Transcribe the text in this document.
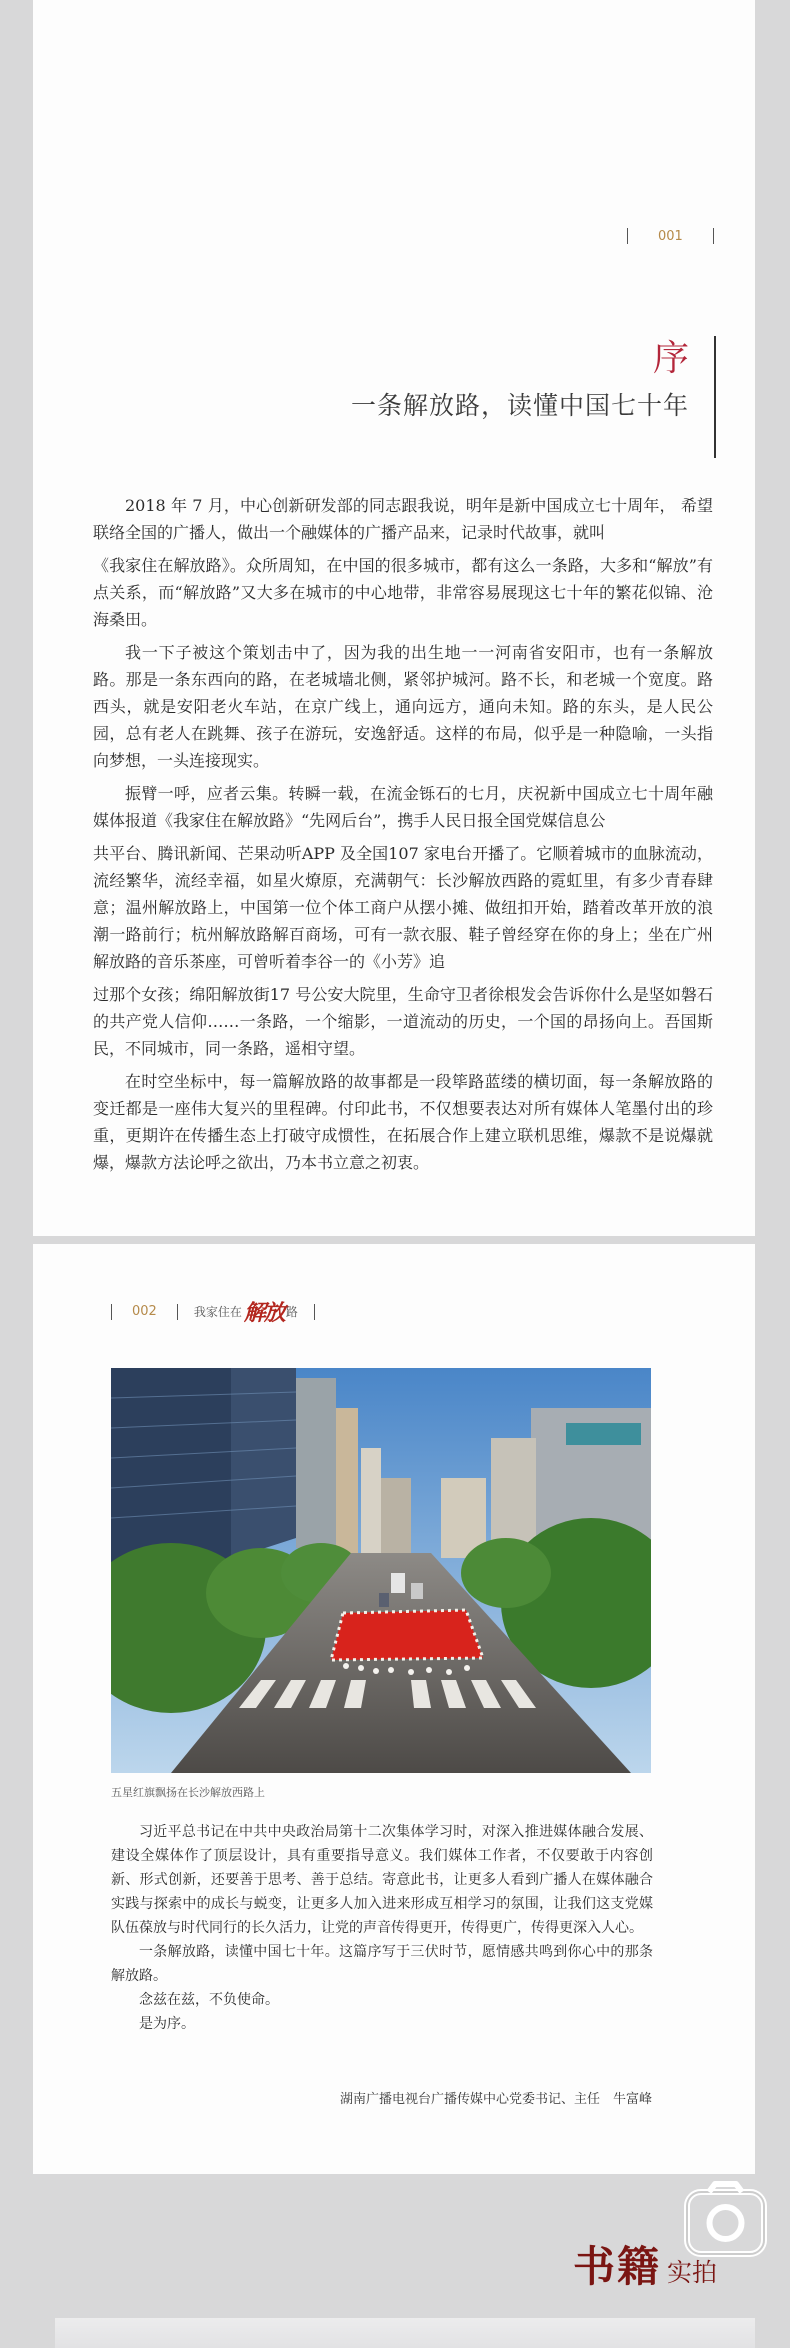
001
序
一条解放路，读懂中国七十年

2018 年 7 月，中心创新研发部的同志跟我说，明年是新中国成立七十周年， 希望联络全国的广播人，做出一个融媒体的广播产品来，记录时代故事，就叫

《我家住在解放路》。众所周知，在中国的很多城市，都有这么一条路，大多和“解放”有点关系，而“解放路”又大多在城市的中心地带，非常容易展现这七十年的繁花似锦、沧海桑田。

我一下子被这个策划击中了，因为我的出生地一一河南省安阳市，也有一条解放路。那是一条东西向的路，在老城墙北侧，紧邻护城河。路不长，和老城一个宽度。路西头，就是安阳老火车站，在京广线上，通向远方，通向未知。路的东头，是人民公园，总有老人在跳舞、孩子在游玩，安逸舒适。这样的布局，似乎是一种隐喻，一头指向梦想，一头连接现实。

振臂一呼，应者云集。转瞬一载，在流金铄石的七月，庆祝新中国成立七十周年融媒体报道《我家住在解放路》“先网后台”，携手人民日报全国党媒信息公

共平台、腾讯新闻、芒果动听APP 及全国107 家电台开播了。它顺着城市的血脉流动，流经繁华，流经幸福，如星火燎原，充满朝气：长沙解放西路的霓虹里，有多少青春肆意；温州解放路上，中国第一位个体工商户从摆小摊、做纽扣开始，踏着改革开放的浪潮一路前行；杭州解放路解百商场，可有一款衣服、鞋子曾经穿在你的身上；坐在广州解放路的音乐茶座，可曾听着李谷一的《小芳》追

过那个女孩；绵阳解放街17 号公安大院里，生命守卫者徐根发会告诉你什么是坚如磐石的共产党人信仰……一条路，一个缩影，一道流动的历史，一个国的昂扬向上。吾国斯民，不同城市，同一条路，遥相守望。

在时空坐标中，每一篇解放路的故事都是一段筚路蓝缕的横切面，每一条解放路的变迁都是一座伟大复兴的里程碑。付印此书，不仅想要表达对所有媒体人笔墨付出的珍重，更期许在传播生态上打破守成惯性，在拓展合作上建立联机思维，爆款不是说爆就爆，爆款方法论呼之欲出，乃本书立意之初衷。

002	我家住在 解放 路
五星红旗飘扬在长沙解放西路上

习近平总书记在中共中央政治局第十二次集体学习时，对深入推进媒体融合发展、建设全媒体作了顶层设计，具有重要指导意义。我们媒体工作者，不仅要敢于内容创新、形式创新，还要善于思考、善于总结。寄意此书，让更多人看到广播人在媒体融合实践与探索中的成长与蜕变，让更多人加入进来形成互相学习的氛围，让我们这支党媒队伍葆放与时代同行的长久活力，让党的声音传得更开，传得更广，传得更深入人心。

一条解放路，读懂中国七十年。这篇序写于三伏时节，愿情感共鸣到你心中的那条解放路。

念兹在兹，不负使命。

是为序。

湖南广播电视台广播传媒中心党委书记、主任　牛富峰
书籍 实拍
